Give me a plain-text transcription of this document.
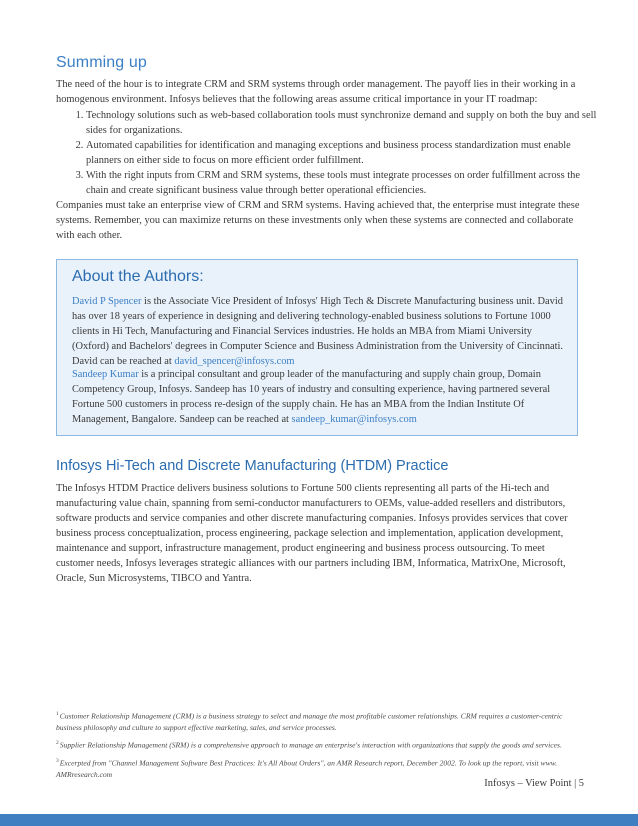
Summing up

The need of the hour is to integrate CRM and SRM systems through order management. The payoff lies in their working in a homogenous environment. Infosys believes that the following areas assume critical importance in your IT roadmap:

1. Technology solutions such as web-based collaboration tools must synchronize demand and supply on both the buy and sell sides for organizations.
2. Automated capabilities for identification and managing exceptions and business process standardization must enable planners on either side to focus on more efficient order fulfillment.
3. With the right inputs from CRM and SRM systems, these tools must integrate processes on order fulfillment across the chain and create significant business value through better operational efficiencies.

Companies must take an enterprise view of CRM and SRM systems. Having achieved that, the enterprise must integrate these systems. Remember, you can maximize returns on these investments only when these systems are connected and collaborate with each other.

About the Authors:

David P Spencer is the Associate Vice President of Infosys' High Tech & Discrete Manufacturing business unit. David has over 18 years of experience in designing and delivering technology-enabled business solutions to Fortune 1000 clients in Hi Tech, Manufacturing and Financial Services industries. He holds an MBA from Miami University (Oxford) and Bachelors' degrees in Computer Science and Business Administration from the University of Cincinnati. David can be reached at david_spencer@infosys.com

Sandeep Kumar is a principal consultant and group leader of the manufacturing and supply chain group, Domain Competency Group, Infosys. Sandeep has 10 years of industry and consulting experience, having partnered several Fortune 500 customers in process re-design of the supply chain. He has an MBA from the Indian Institute Of Management, Bangalore. Sandeep can be reached at sandeep_kumar@infosys.com

Infosys Hi-Tech and Discrete Manufacturing (HTDM) Practice

The Infosys HTDM Practice delivers business solutions to Fortune 500 clients representing all parts of the Hi-tech and manufacturing value chain, spanning from semi-conductor manufacturers to OEMs, value-added resellers and distributors, software products and service companies and other discrete manufacturing companies. Infosys provides services that cover business process conceptualization, process engineering, package selection and implementation, application development, maintenance and support, infrastructure management, product engineering and business process outsourcing. To meet customer needs, Infosys leverages strategic alliances with our partners including IBM, Informatica, MatrixOne, Microsoft, Oracle, Sun Microsystems, TIBCO and Yantra.

$^1$Customer Relationship Management (CRM) is a business strategy to select and manage the most profitable customer relationships. CRM requires a customer-centric business philosophy and culture to support effective marketing, sales, and service processes.

$^2$Supplier Relationship Management (SRM) is a comprehensive approach to manage an enterprise's interaction with organizations that supply the goods and services.

$^3$Excerpted from "Channel Management Software Best Practices: It's All About Orders", an AMR Research report, December 2002. To look up the report, visit www. AMRresearch.com

Infosys – View Point | 5
